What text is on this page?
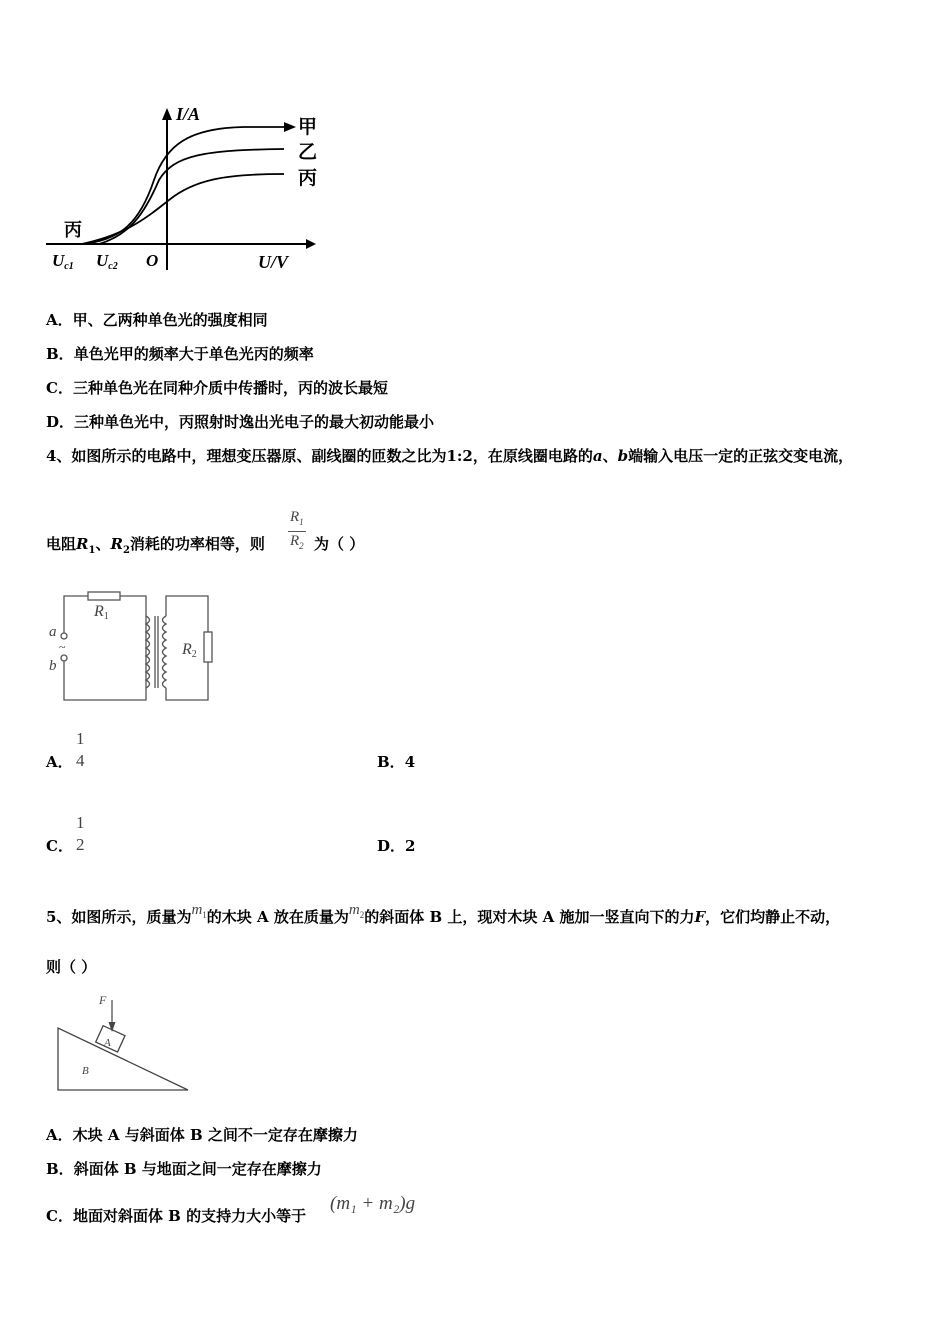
I/A
U/V
O
甲
乙
丙
丙
Uc1 Uc2
A．甲、乙两种单色光的强度相同
B．单色光甲的频率大于单色光丙的频率
C．三种单色光在同种介质中传播时，丙的波长最短
D．三种单色光中，丙照射时逸出光电子的最大初动能最小
4、如图所示的电路中，理想变压器原、副线圈的匝数之比为1:2，在原线圈电路的a、b端输入电压一定的正弦交变电流，
电阻$R_1$、$R_2$消耗的功率相等，则 $\frac{R_1}{R_2}$ 为（ ）
R1
R2
a
b
~
A．
1
4	B．4
C．
1
2	D．2
5、如图所示，质量为$m_1$的木块 A 放在质量为$m_2$的斜面体 B 上，现对木块 A 施加一竖直向下的力F，它们均静止不动，
则（ ）
F
A
B
A．木块 A 与斜面体 B 之间不一定存在摩擦力
B．斜面体 B 与地面之间一定存在摩擦力
C．地面对斜面体 B 的支持力大小等于
(m₁ + m₂)g
